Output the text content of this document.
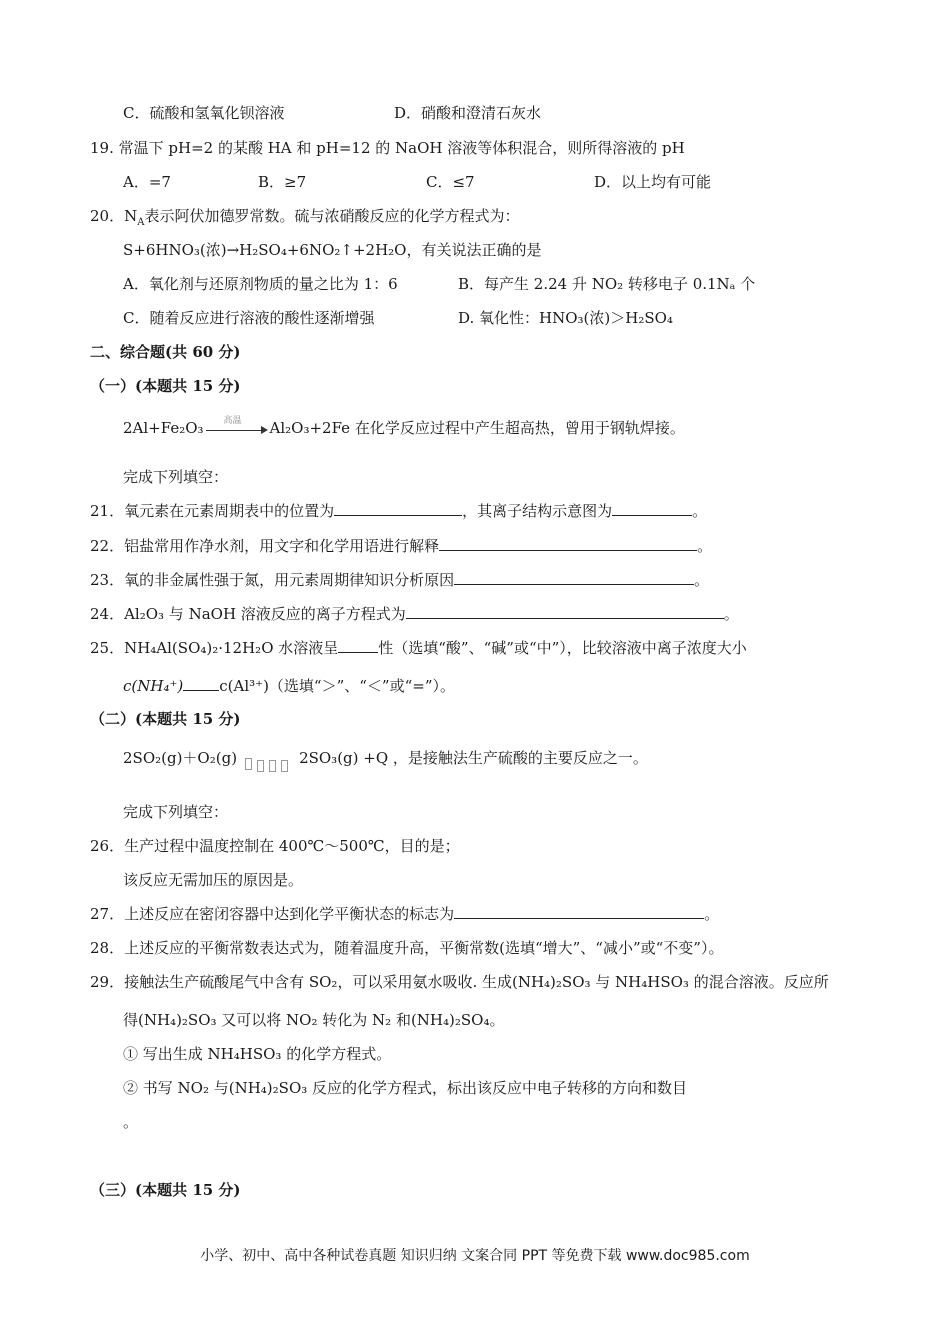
C．硫酸和氢氧化钡溶液	D．硝酸和澄清石灰水
19. 常温下 pH=2 的某酸 HA 和 pH=12 的 NaOH 溶液等体积混合，则所得溶液的 pH
A．=7	B．≥7	C．≤7	D．以上均有可能
20．$N_A$表示阿伏加德罗常数。硫与浓硝酸反应的化学方程式为：
S+6HNO₃(浓)→H₂SO₄+6NO₂↑+2H₂O，有关说法正确的是
A．氧化剂与还原剂物质的量之比为 1：6	B．每产生 2.24 升 NO₂ 转移电子 0.1Nₐ 个
C．随着反应进行溶液的酸性逐渐增强	D. 氧化性：HNO₃(浓)＞H₂SO₄
二、综合题(共 60 分)
（一）(本题共 15 分)
2Al+Fe₂O₃ 高温 Al₂O₃+2Fe 在化学反应过程中产生超高热，曾用于钢轨焊接。
完成下列填空：
21．氧元素在元素周期表中的位置为	，其离子结构示意图为	。
22．铝盐常用作净水剂，用文字和化学用语进行解释	。
23．氧的非金属性强于氮，用元素周期律知识分析原因	。
24．Al₂O₃ 与 NaOH 溶液反应的离子方程式为	。
25．NH₄Al(SO₄)₂·12H₂O 水溶液呈	性（选填“酸”、“碱”或“中”），比较溶液中离子浓度大小
c(NH₄⁺) c(Al³⁺)（选填“＞”、“＜”或“=”）。
（二）(本题共 15 分)
2SO₂(g)＋O₂(g)	2SO₃(g) +Q ，是接触法生产硫酸的主要反应之一。
完成下列填空：
26．生产过程中温度控制在 400℃～500℃，目的是；
该反应无需加压的原因是。
27．上述反应在密闭容器中达到化学平衡状态的标志为	。
28．上述反应的平衡常数表达式为，随着温度升高，平衡常数(选填“增大”、“减小”或“不变”）。
29．接触法生产硫酸尾气中含有 SO₂，可以采用氨水吸收. 生成(NH₄)₂SO₃ 与 NH₄HSO₃ 的混合溶液。反应所
得(NH₄)₂SO₃ 又可以将 NO₂ 转化为 N₂ 和(NH₄)₂SO₄。
① 写出生成 NH₄HSO₃ 的化学方程式。
② 书写 NO₂ 与(NH₄)₂SO₃ 反应的化学方程式，标出该反应中电子转移的方向和数目
。
（三）(本题共 15 分)
小学、初中、高中各种试卷真题 知识归纳 文案合同 PPT 等免费下载 www.doc985.com
